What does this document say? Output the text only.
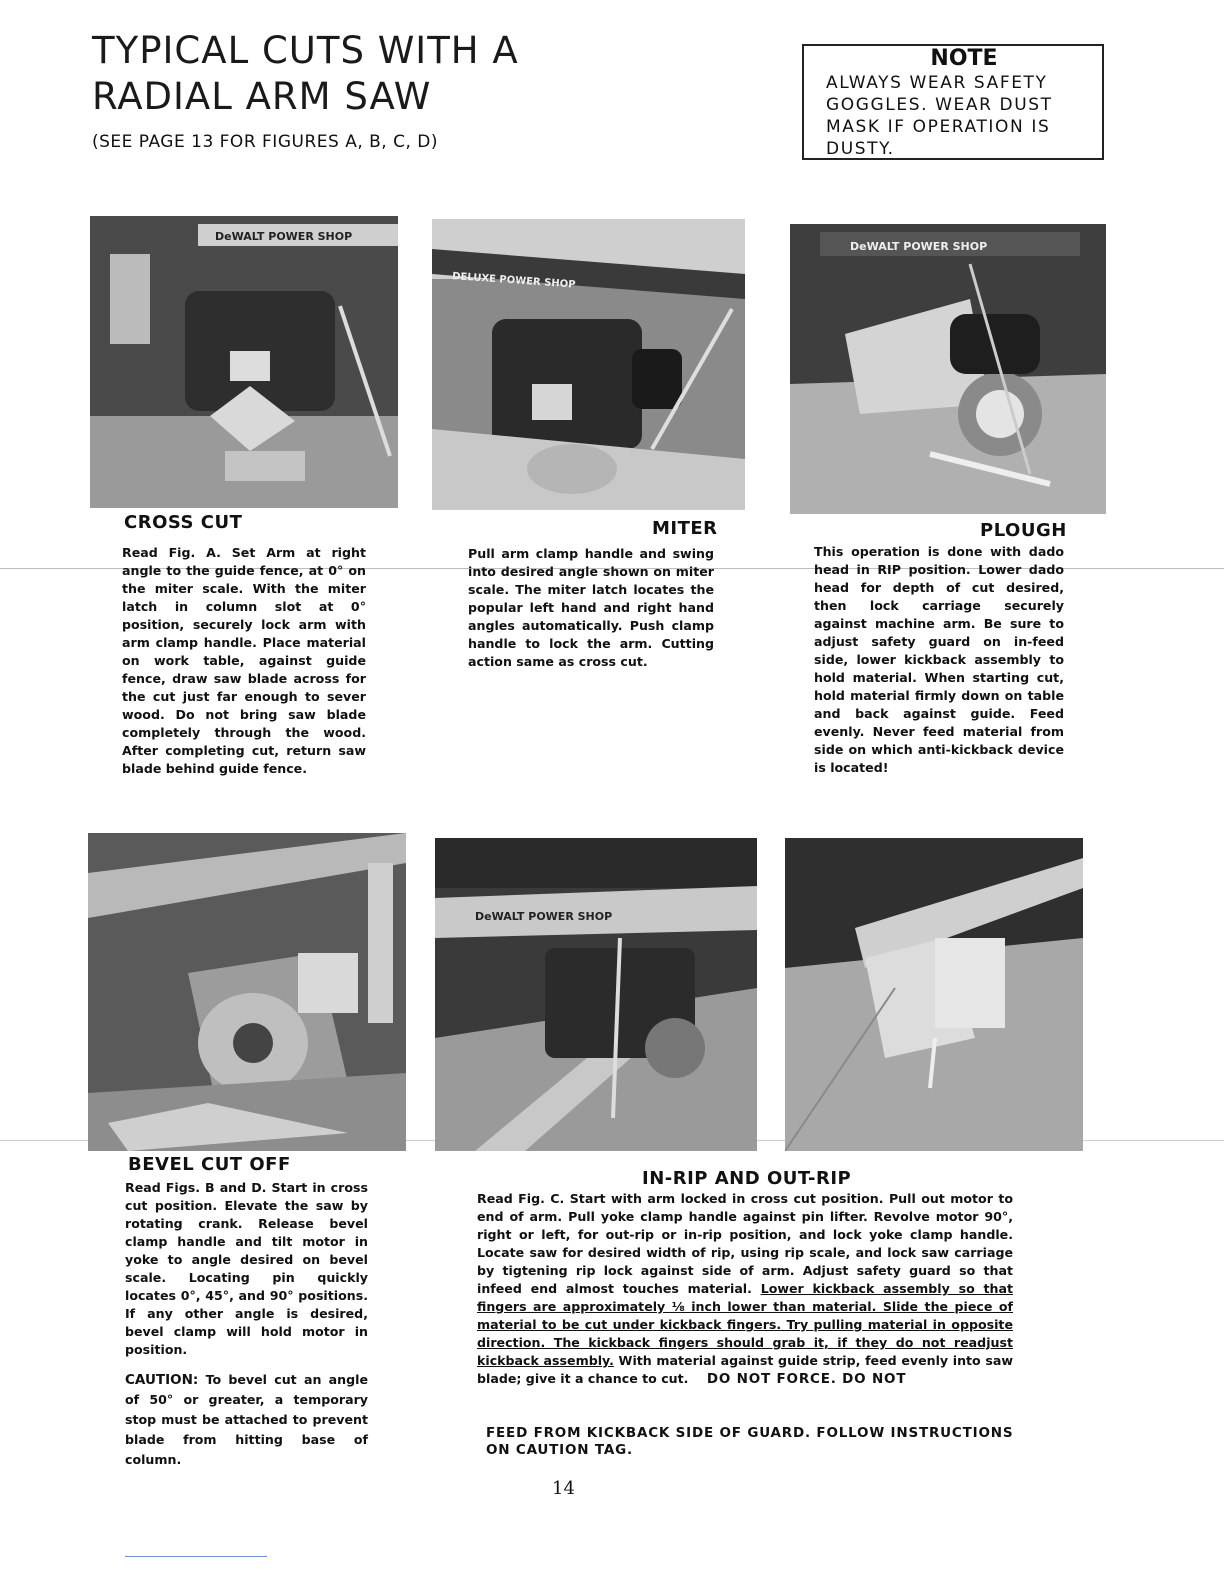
TYPICAL CUTS WITH A
RADIAL ARM SAW
(SEE PAGE 13 FOR FIGURES A, B, C, D)

NOTE

ALWAYS WEAR SAFETY
GOGGLES. WEAR DUST
MASK IF OPERATION IS
DUSTY.

DeWALT POWER SHOP
DELUXE POWER SHOP
DeWALT POWER SHOP
CROSS CUT
Read Fig. A. Set Arm at right angle to the guide fence, at 0° on the miter scale. With the miter latch in column slot at 0° position, securely lock arm with arm clamp handle. Place material on work table, against guide fence, draw saw blade across for the cut just far enough to sever wood. Do not bring saw blade completely through the wood. After completing cut, return saw blade behind guide fence.
MITER
Pull arm clamp handle and swing into desired angle shown on miter scale. The miter latch locates the popular left hand and right hand angles automatically. Push clamp handle to lock the arm. Cutting action same as cross cut.
PLOUGH
This operation is done with dado head in RIP position. Lower dado head for depth of cut desired, then lock carriage securely against machine arm. Be sure to adjust safety guard on in-feed side, lower kickback assembly to hold material. When starting cut, hold material firmly down on table and back against guide. Feed evenly. Never feed material from side on which anti-kickback device is located!
DeWALT POWER SHOP
BEVEL CUT OFF
Read Figs. B and D. Start in cross cut position. Elevate the saw by rotating crank. Release bevel clamp handle and tilt motor in yoke to angle desired on bevel scale. Locating pin quickly locates 0°, 45°, and 90° positions. If any other angle is desired, bevel clamp will hold motor in position.
CAUTION: To bevel cut an angle of 50° or greater, a temporary stop must be attached to prevent blade from hitting base of column.
IN-RIP AND OUT-RIP
Read Fig. C. Start with arm locked in cross cut position. Pull out motor to end of arm. Pull yoke clamp handle against pin lifter. Revolve motor 90°, right or left, for out-rip or in-rip position, and lock yoke clamp handle. Locate saw for desired width of rip, using rip scale, and lock saw carriage by tigtening rip lock against side of arm. Adjust safety guard so that infeed end almost touches material. Lower kickback assembly so that fingers are approximately ⅛ inch lower than material. Slide the piece of material to be cut under kickback fingers. Try pulling material in opposite direction. The kickback fingers should grab it, if they do not readjust kickback assembly. With material against guide strip, feed evenly into saw blade; give it a chance to cut. DO NOT FORCE. DO NOT
FEED FROM KICKBACK SIDE OF GUARD. FOLLOW INSTRUCTIONS
ON CAUTION TAG.
14
